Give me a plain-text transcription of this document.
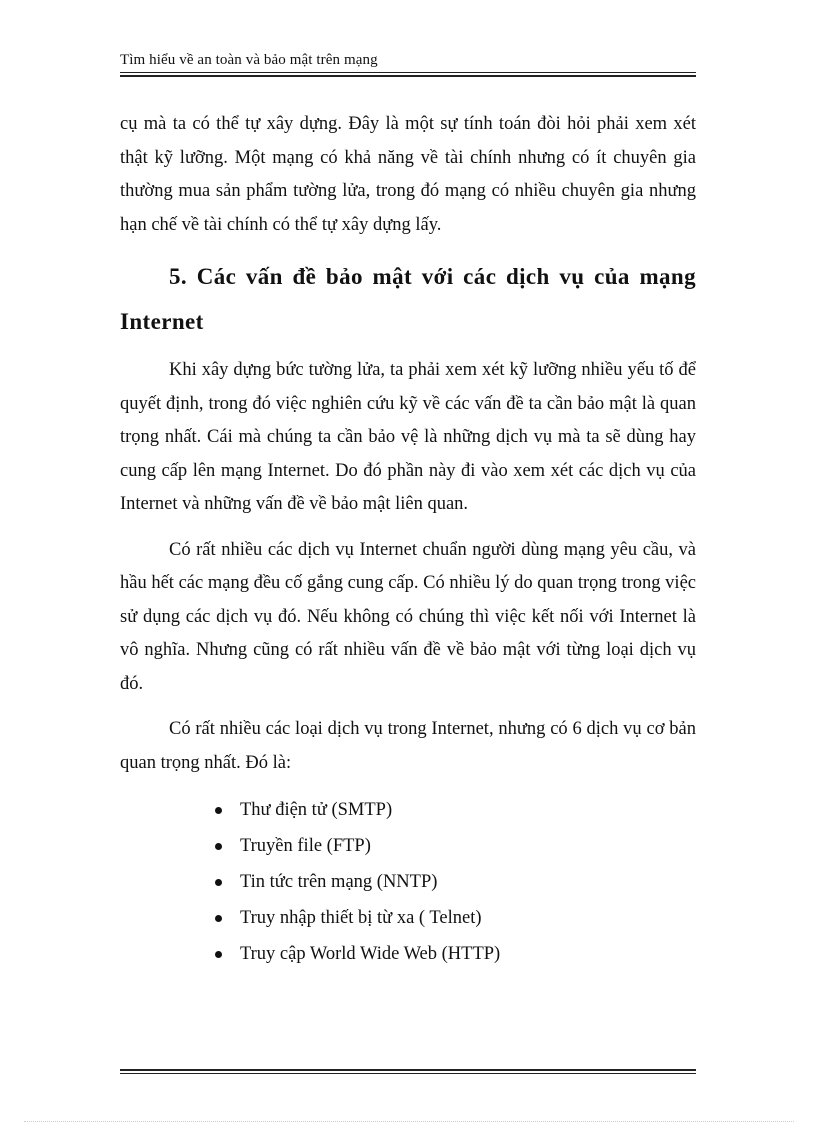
Tìm hiểu về an toàn và bảo mật trên mạng

cụ mà ta có thể tự xây dựng. Đây là một sự tính toán đòi hỏi phải xem xét thật kỹ lưỡng. Một mạng có khả năng về tài chính nhưng có ít chuyên gia thường mua sản phẩm tường lửa, trong đó mạng có nhiều chuyên gia nhưng hạn chế về tài chính có thể tự xây dựng lấy.

5. Các vấn đề bảo mật với các dịch vụ của mạng Internet

Khi xây dựng bức tường lửa, ta phải xem xét kỹ lưỡng nhiều yếu tố để quyết định, trong đó việc nghiên cứu kỹ về các vấn đề ta cần bảo mật là quan trọng nhất. Cái mà chúng ta cần bảo vệ là những dịch vụ mà ta sẽ dùng hay cung cấp lên mạng Internet. Do đó phần này đi vào xem xét các dịch vụ của Internet và những vấn đề về bảo mật liên quan.

Có rất nhiều các dịch vụ Internet chuẩn người dùng mạng yêu cầu, và hầu hết các mạng đều cố gắng cung cấp. Có nhiều lý do quan trọng trong việc sử dụng các dịch vụ đó. Nếu không có chúng thì việc kết nối với Internet là vô nghĩa. Nhưng cũng có rất nhiều vấn đề về bảo mật với từng loại dịch vụ đó.

Có rất nhiều các loại dịch vụ trong Internet, nhưng có 6 dịch vụ cơ bản quan trọng nhất. Đó là:

Thư điện tử (SMTP)
Truyền file (FTP)
Tin tức trên mạng (NNTP)
Truy nhập thiết bị từ xa ( Telnet)
Truy cập World Wide Web (HTTP)
